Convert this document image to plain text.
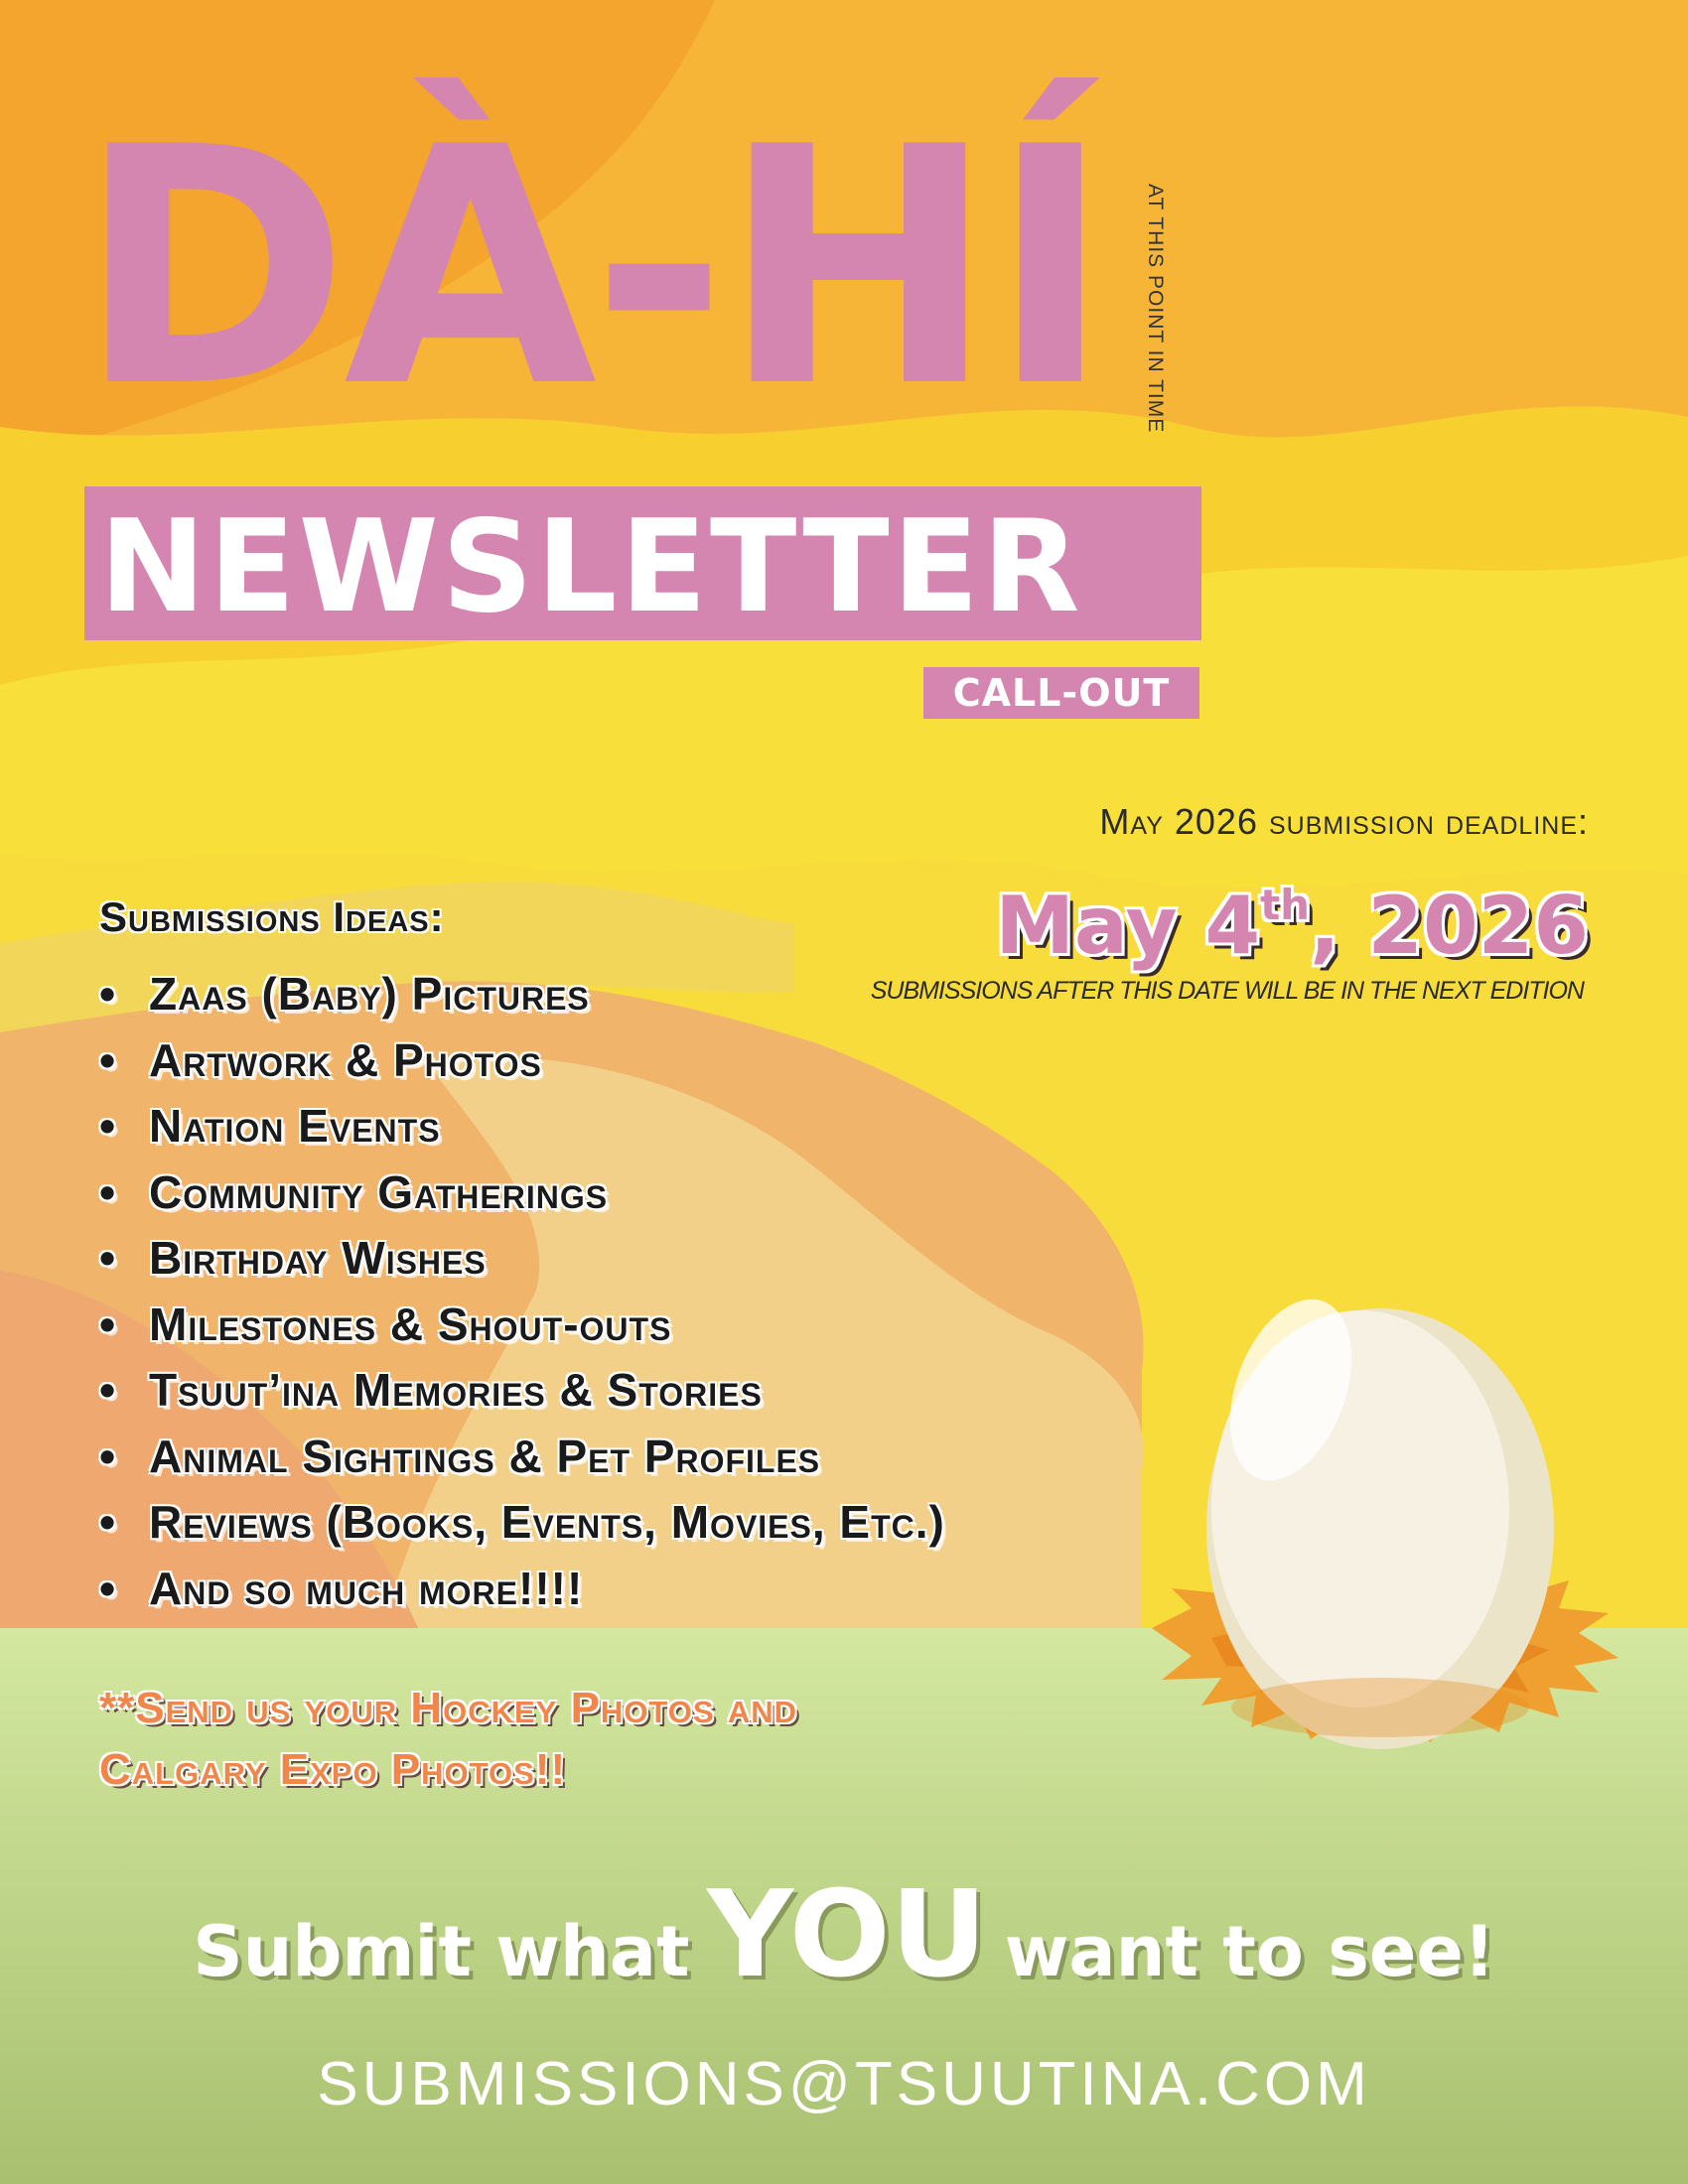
DÀ-HÍ	AT THIS POINT IN TIME
NEWSLETTER
CALL-OUT
May 2026 submission deadline:
May 4th, 2026
SUBMISSIONS AFTER THIS DATE WILL BE IN THE NEXT EDITION
Submissions Ideas:
• Zaas (Baby) Pictures
• Artwork & Photos
• Nation Events
• Community Gatherings
• Birthday Wishes
• Milestones & Shout-outs
• Tsuut’ina Memories & Stories
• Animal Sightings & Pet Profiles
• Reviews (Books, Events, Movies, Etc.)
• And so much more!!!!
**Send us your Hockey Photos and
Calgary Expo Photos!!
Submit what YOU want to see!
SUBMISSIONS@TSUUTINA.COM
